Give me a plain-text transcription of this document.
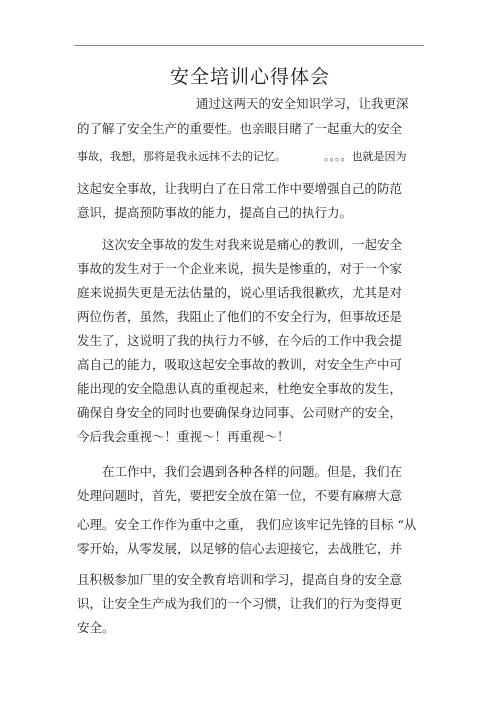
安全培训心得体会
通过这两天的安全知识学习，让我更深
的了解了安全生产的重要性。也亲眼目睹了一起重大的安全
事故，我想，那将是我永远抹不去的记忆。	。。。。也就是因为
这起安全事故，让我明白了在日常工作中要增强自己的防范
意识，提高预防事故的能力，提高自己的执行力。
这次安全事故的发生对我来说是痛心的教训，一起安全
事故的发生对于一个企业来说，损失是惨重的，对于一个家
庭来说损失更是无法估量的，说心里话我很歉疚，尤其是对
两位伤者，虽然，我阻止了他们的不安全行为，但事故还是
发生了，这说明了我的执行力不够，在今后的工作中我会提
高自己的能力，吸取这起安全事故的教训，对安全生产中可
能出现的安全隐患认真的重视起来，杜绝安全事故的发生，
确保自身安全的同时也要确保身边同事、公司财产的安全，
今后我会重视～！重视～！再重视～！
在工作中，我们会遇到各种各样的问题。但是，我们在
处理问题时，首先，要把安全放在第一位，不要有麻痹大意
心理。安全工作作为重中之重， 我们应该牢记先锋的目标 “从
零开始，从零发展，以足够的信心去迎接它，去战胜它，并
且积极参加厂里的安全教育培训和学习，提高自身的安全意
识，让安全生产成为我们的一个习惯，让我们的行为变得更
安全。
